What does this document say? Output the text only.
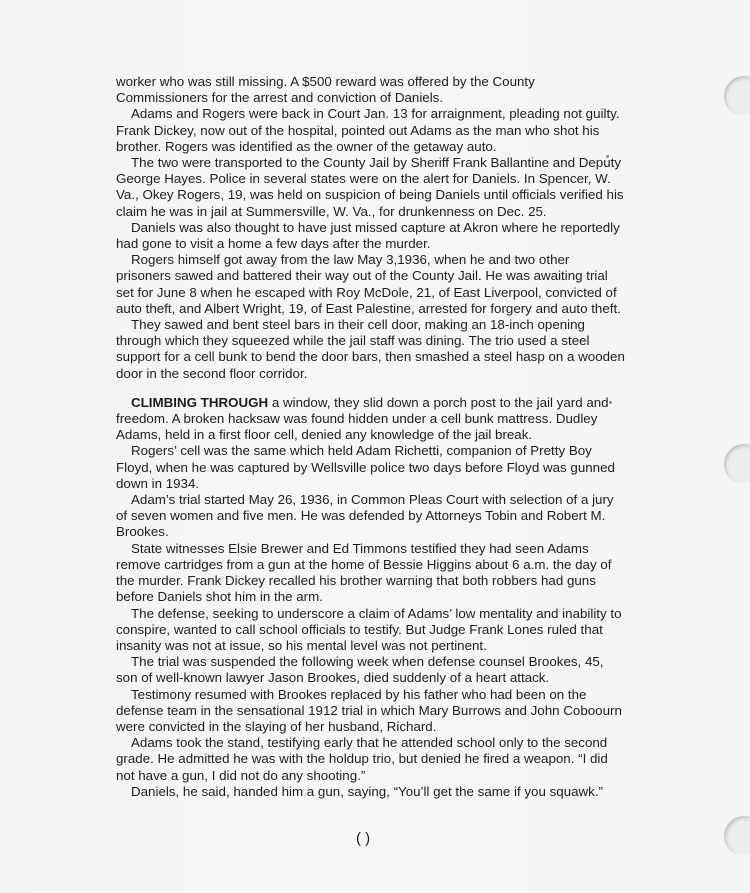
worker who was still missing. A $500 reward was offered by the County Commissioners for the arrest and conviction of Daniels.

Adams and Rogers were back in Court Jan. 13 for arraignment, pleading not guilty. Frank Dickey, now out of the hospital, pointed out Adams as the man who shot his brother. Rogers was identified as the owner of the getaway auto.

The two were transported to the County Jail by Sheriff Frank Ballantine and Deputy George Hayes. Police in several states were on the alert for Daniels. In Spencer, W. Va., Okey Rogers, 19, was held on suspicion of being Daniels until officials verified his claim he was in jail at Summersville, W. Va., for drunkenness on Dec. 25.

Daniels was also thought to have just missed capture at Akron where he reportedly had gone to visit a home a few days after the murder.

Rogers himself got away from the law May 3,1936, when he and two other prisoners sawed and battered their way out of the County Jail. He was awaiting trial set for June 8 when he escaped with Roy McDole, 21, of East Liverpool, convicted of auto theft, and Albert Wright, 19, of East Palestine, arrested for forgery and auto theft.

They sawed and bent steel bars in their cell door, making an 18-inch opening through which they squeezed while the jail staff was dining. The trio used a steel support for a cell bunk to bend the door bars, then smashed a steel hasp on a wooden door in the second floor corridor.

CLIMBING THROUGH a window, they slid down a porch post to the jail yard and freedom. A broken hacksaw was found hidden under a cell bunk mattress. Dudley Adams, held in a first floor cell, denied any knowledge of the jail break.

Rogers’ cell was the same which held Adam Richetti, companion of Pretty Boy Floyd, when he was captured by Wellsville police two days before Floyd was gunned down in 1934.

Adam’s trial started May 26, 1936, in Common Pleas Court with selection of a jury of seven women and five men. He was defended by Attorneys Tobin and Robert M. Brookes.

State witnesses Elsie Brewer and Ed Timmons testified they had seen Adams remove cartridges from a gun at the home of Bessie Higgins about 6 a.m. the day of the murder. Frank Dickey recalled his brother warning that both robbers had guns before Daniels shot him in the arm.

The defense, seeking to underscore a claim of Adams’ low mentality and inability to conspire, wanted to call school officials to testify. But Judge Frank Lones ruled that insanity was not at issue, so his mental level was not pertinent.

The trial was suspended the following week when defense counsel Brookes, 45, son of well-known lawyer Jason Brookes, died suddenly of a heart attack.

Testimony resumed with Brookes replaced by his father who had been on the defense team in the sensational 1912 trial in which Mary Burrows and John Coboourn were convicted in the slaying of her husband, Richard.

Adams took the stand, testifying early that he attended school only to the second grade. He admitted he was with the holdup trio, but denied he fired a weapon. “I did not have a gun, I did not do any shooting.”

Daniels, he said, handed him a gun, saying, “You’ll get the same if you squawk.”

( )
